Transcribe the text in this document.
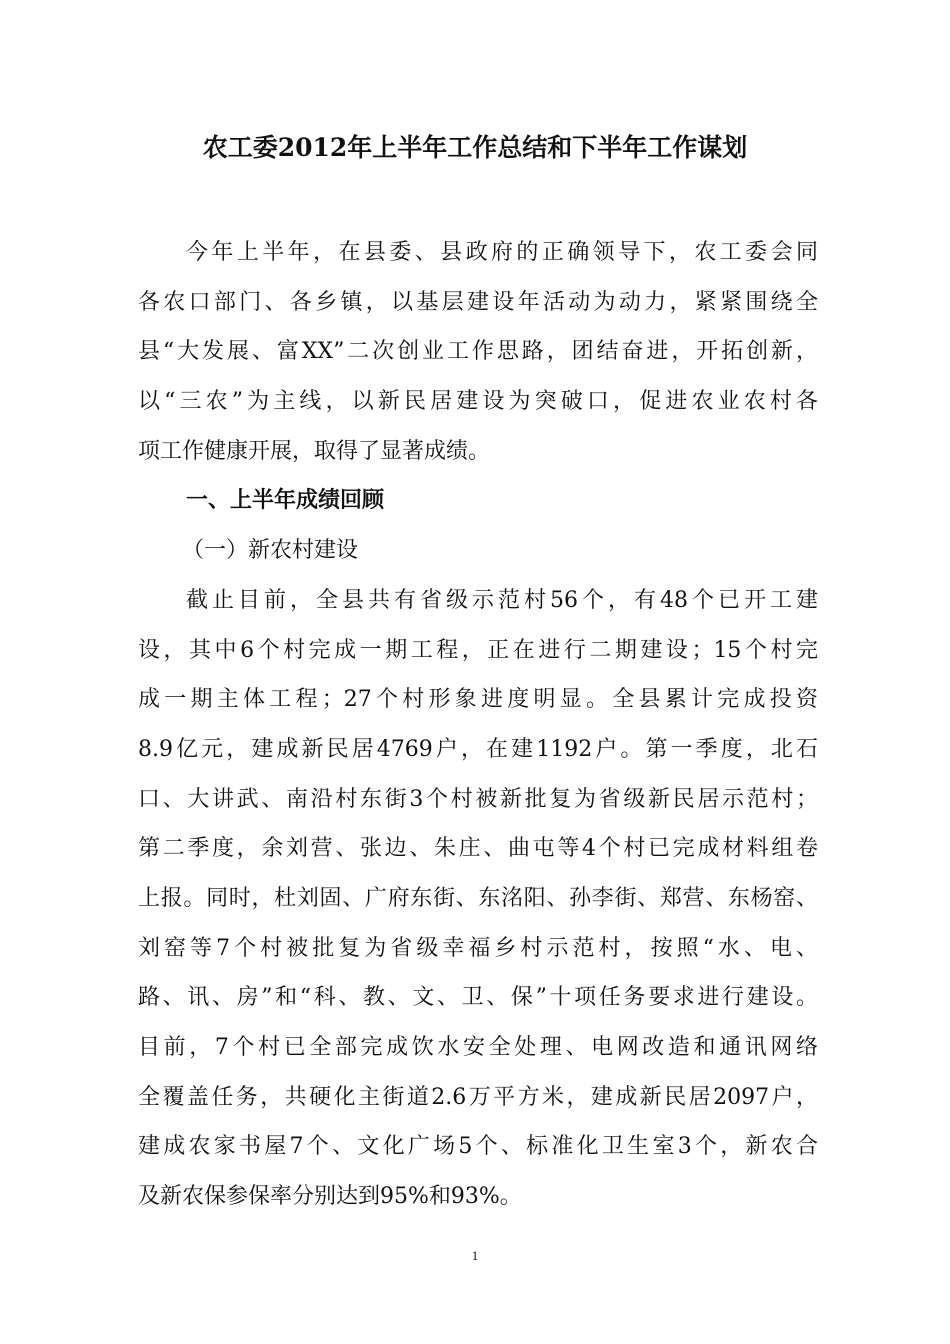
农工委2012年上半年工作总结和下半年工作谋划
今年上半年，在县委、县政府的正确领导下，农工委会同
各农口部门、各乡镇，以基层建设年活动为动力，紧紧围绕全
县“大发展、富XX”二次创业工作思路，团结奋进，开拓创新，
以“三农”为主线，以新民居建设为突破口，促进农业农村各
项工作健康开展，取得了显著成绩。
一、上半年成绩回顾
（一）新农村建设
截止目前，全县共有省级示范村56个，有48个已开工建
设，其中6个村完成一期工程，正在进行二期建设；15个村完
成一期主体工程；27个村形象进度明显。全县累计完成投资
8.9亿元，建成新民居4769户，在建1192户。第一季度，北石
口、大讲武、南沿村东街3个村被新批复为省级新民居示范村；
第二季度，余刘营、张边、朱庄、曲屯等4个村已完成材料组卷
上报。同时，杜刘固、广府东街、东洺阳、孙李街、郑营、东杨窑、
刘窑等7个村被批复为省级幸福乡村示范村，按照“水、电、
路、讯、房”和“科、教、文、卫、保”十项任务要求进行建设。
目前，7个村已全部完成饮水安全处理、电网改造和通讯网络
全覆盖任务，共硬化主街道2.6万平方米，建成新民居2097户，
建成农家书屋7个、文化广场5个、标准化卫生室3个，新农合
及新农保参保率分别达到95%和93%。
1
